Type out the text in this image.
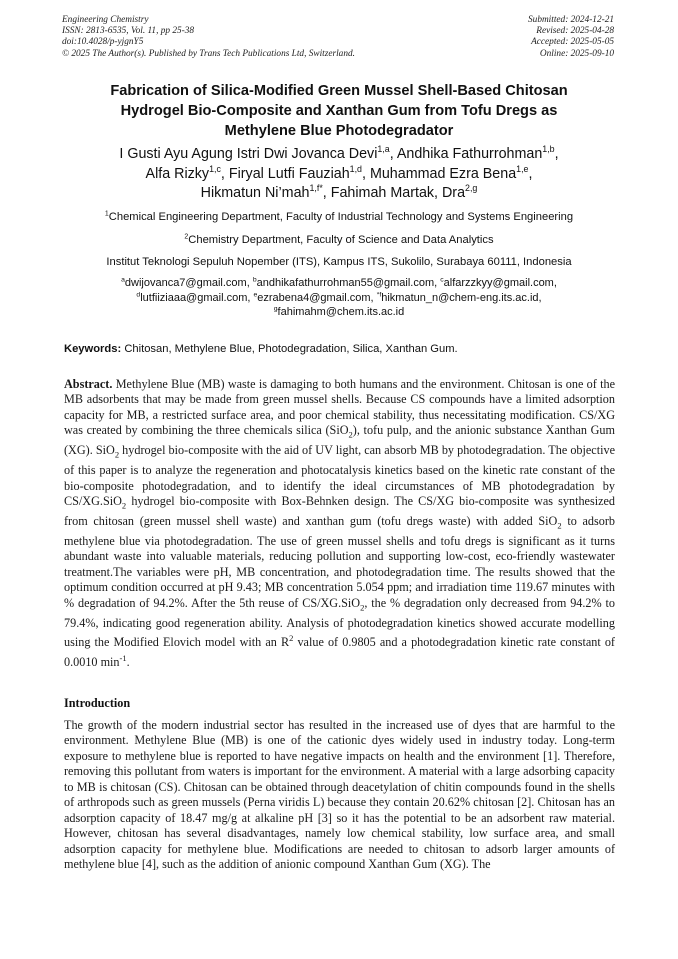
Engineering Chemistry
ISSN: 2813-6535, Vol. 11, pp 25-38
doi:10.4028/p-yjgnY5
© 2025 The Author(s). Published by Trans Tech Publications Ltd, Switzerland.
Submitted: 2024-12-21
Revised: 2025-04-28
Accepted: 2025-05-05
Online: 2025-09-10
Fabrication of Silica-Modified Green Mussel Shell-Based Chitosan
Hydrogel Bio-Composite and Xanthan Gum from Tofu Dregs as
Methylene Blue Photodegradator
I Gusti Ayu Agung Istri Dwi Jovanca Devi$^{1,a}$, Andhika Fathurrohman$^{1,b}$,
Alfa Rizky$^{1,c}$, Firyal Lutfi Fauziah$^{1,d}$, Muhammad Ezra Bena$^{1,e}$,
Hikmatun Ni’mah$^{1,f*}$, Fahimah Martak, Dra$^{2,g}$
$^1$Chemical Engineering Department, Faculty of Industrial Technology and Systems Engineering
$^2$Chemistry Department, Faculty of Science and Data Analytics
Institut Teknologi Sepuluh Nopember (ITS), Kampus ITS, Sukolilo, Surabaya 60111, Indonesia
$^a$dwijovanca7@gmail.com, $^b$andhikafathurrohman55@gmail.com, $^c$alfarzzkyy@gmail.com,
$^d$lutfiiziaaa@gmail.com, $^e$ezrabena4@gmail.com, $^{*f}$hikmatun_n@chem-eng.its.ac.id,
$^g$fahimahm@chem.its.ac.id
Keywords: Chitosan, Methylene Blue, Photodegradation, Silica, Xanthan Gum.
Abstract. Methylene Blue (MB) waste is damaging to both humans and the environment. Chitosan is one of the MB adsorbents that may be made from green mussel shells. Because CS compounds have a limited adsorption capacity for MB, a restricted surface area, and poor chemical stability, thus necessitating modification. CS/XG was created by combining the three chemicals silica (SiO$_2$), tofu pulp, and the anionic substance Xanthan Gum (XG). SiO$_2$ hydrogel bio-composite with the aid of UV light, can absorb MB by photodegradation. The objective of this paper is to analyze the regeneration and photocatalysis kinetics based on the kinetic rate constant of the bio-composite photodegradation, and to identify the ideal circumstances of MB photodegradation by CS/XG.SiO$_2$ hydrogel bio-composite with Box-Behnken design. The CS/XG bio-composite was synthesized from chitosan (green mussel shell waste) and xanthan gum (tofu dregs waste) with added SiO$_2$ to adsorb methylene blue via photodegradation. The use of green mussel shells and tofu dregs is significant as it turns abundant waste into valuable materials, reducing pollution and supporting low-cost, eco-friendly wastewater treatment.The variables were pH, MB concentration, and photodegradation time. The results showed that the optimum condition occurred at pH 9.43; MB concentration 5.054 ppm; and irradiation time 119.67 minutes with % degradation of 94.2%. After the 5th reuse of CS/XG.SiO$_2$, the % degradation only decreased from 94.2% to 79.4%, indicating good regeneration ability. Analysis of photodegradation kinetics showed accurate modelling using the Modified Elovich model with an $R^2$ value of 0.9805 and a photodegradation kinetic rate constant of 0.0010 $\min^{-1}$.
Introduction
The growth of the modern industrial sector has resulted in the increased use of dyes that are harmful to the environment. Methylene Blue (MB) is one of the cationic dyes widely used in industry today. Long-term exposure to methylene blue is reported to have negative impacts on health and the environment [1]. Therefore, removing this pollutant from waters is important for the environment. A material with a large adsorbing capacity to MB is chitosan (CS). Chitosan can be obtained through deacetylation of chitin compounds found in the shells of arthropods such as green mussels (Perna viridis L) because they contain 20.62% chitosan [2]. Chitosan has an adsorption capacity of 18.47 mg/g at alkaline pH [3] so it has the potential to be an adsorbent raw material. However, chitosan has several disadvantages, namely low chemical stability, low surface area, and small adsorption capacity for methylene blue. Modifications are needed to chitosan to adsorb larger amounts of methylene blue [4], such as the addition of anionic compound Xanthan Gum (XG). The
